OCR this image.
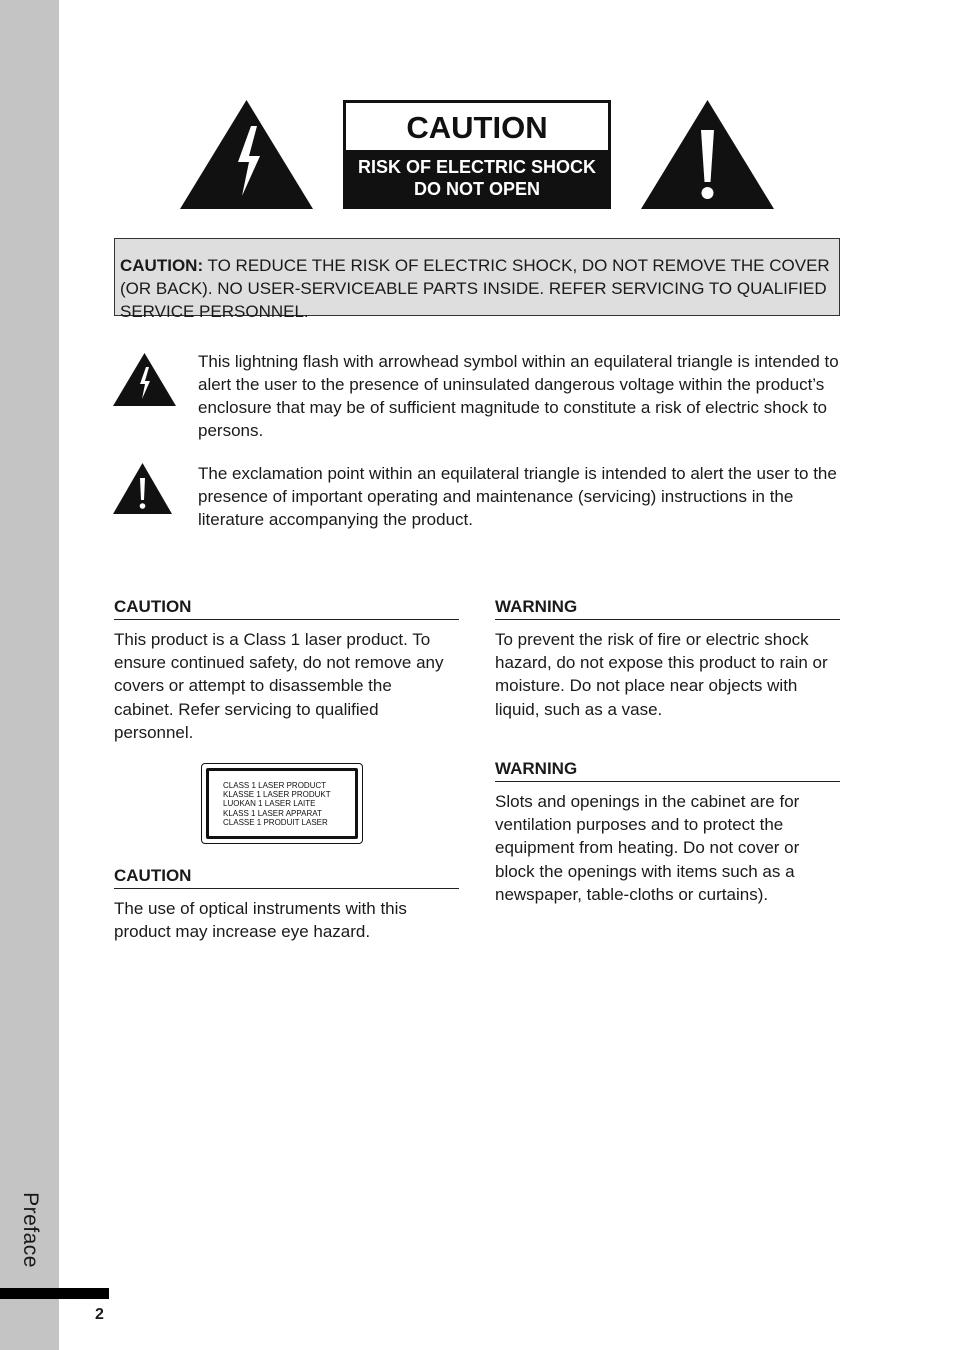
Preface
2
CAUTION
RISK OF ELECTRIC SHOCK
DO NOT OPEN
CAUTION: TO REDUCE THE RISK OF ELECTRIC SHOCK, DO NOT REMOVE THE COVER (OR BACK). NO USER-SERVICEABLE PARTS INSIDE. REFER SERVICING TO QUALIFIED SERVICE PERSONNEL.
This lightning flash with arrowhead symbol within an equilateral triangle is intended to alert the user to the presence of uninsulated dangerous voltage within the product’s enclosure that may be of sufficient magnitude to constitute a risk of electric shock to persons.
The exclamation point within an equilateral triangle is intended to alert the user to the presence of important operating and maintenance (servicing) instructions in the literature accompanying the product.
CAUTION
This product is a Class 1 laser product. To ensure continued safety, do not remove any covers or attempt to disassemble the cabinet. Refer servicing to qualified personnel.
CLASS 1 LASER PRODUCT
KLASSE 1 LASER PRODUKT
LUOKAN 1 LASER LAITE
KLASS 1 LASER APPARAT
CLASSE 1 PRODUIT LASER
CAUTION
The use of optical instruments with this product may increase eye hazard.
WARNING
To prevent the risk of fire or electric shock hazard, do not expose this product to rain or moisture. Do not place near objects with liquid, such as a vase.
WARNING
Slots and openings in the cabinet are for ventilation purposes and to protect the equipment from heating. Do not cover or block the openings with items such as a newspaper, table-cloths or curtains).
